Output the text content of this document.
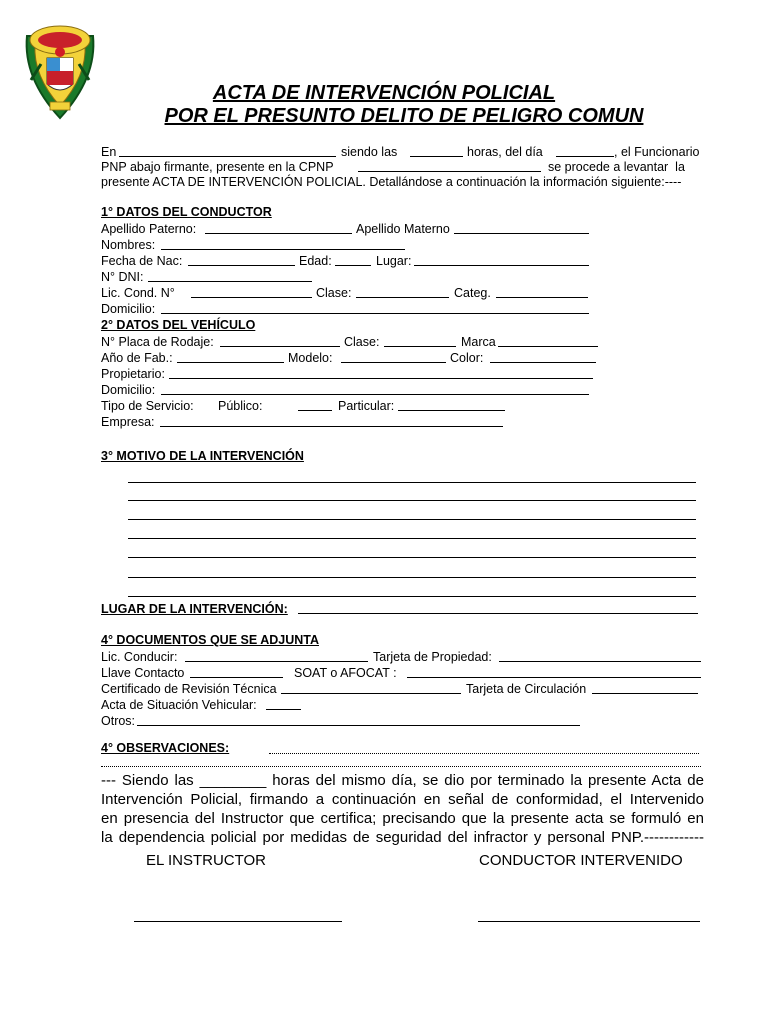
ACTA DE INTERVENCIÓN POLICIAL
POR EL PRESUNTO DELITO DE PELIGRO COMUN
En	siendo las	horas, del día	, el Funcionario
PNP abajo firmante, presente en la CPNP	se procede a levantar  la
presente ACTA DE INTERVENCIÓN POLICIAL. Detallándose a continuación la información siguiente:----
1° DATOS DEL CONDUCTOR
Apellido Paterno:	Apellido Materno
Nombres:
Fecha de Nac:	Edad:	Lugar:
N° DNI:
Lic. Cond. N°	Clase:	Categ.
Domicilio:
2° DATOS DEL VEHÍCULO
N° Placa de Rodaje:	Clase:	Marca
Año de Fab.:	Modelo:	Color:
Propietario:
Domicilio:
Tipo de Servicio: Público:	Particular:
Empresa:
3° MOTIVO DE LA INTERVENCIÓN
LUGAR DE LA INTERVENCIÓN:
4° DOCUMENTOS QUE SE ADJUNTA
Lic. Conducir:	Tarjeta de Propiedad:
Llave Contacto	SOAT o AFOCAT :
Certificado de Revisión Técnica	Tarjeta de Circulación
Acta de Situación Vehicular:
Otros:
4° OBSERVACIONES:
--- Siendo las ________ horas del mismo día, se dio por terminado la presente Acta de
Intervención Policial, firmando a continuación en señal de conformidad, el Intervenido
en presencia del Instructor que certifica; precisando que la presente acta se formuló en
la dependencia policial por medidas de seguridad del infractor y personal PNP.------------
EL INSTRUCTOR	CONDUCTOR INTERVENIDO
